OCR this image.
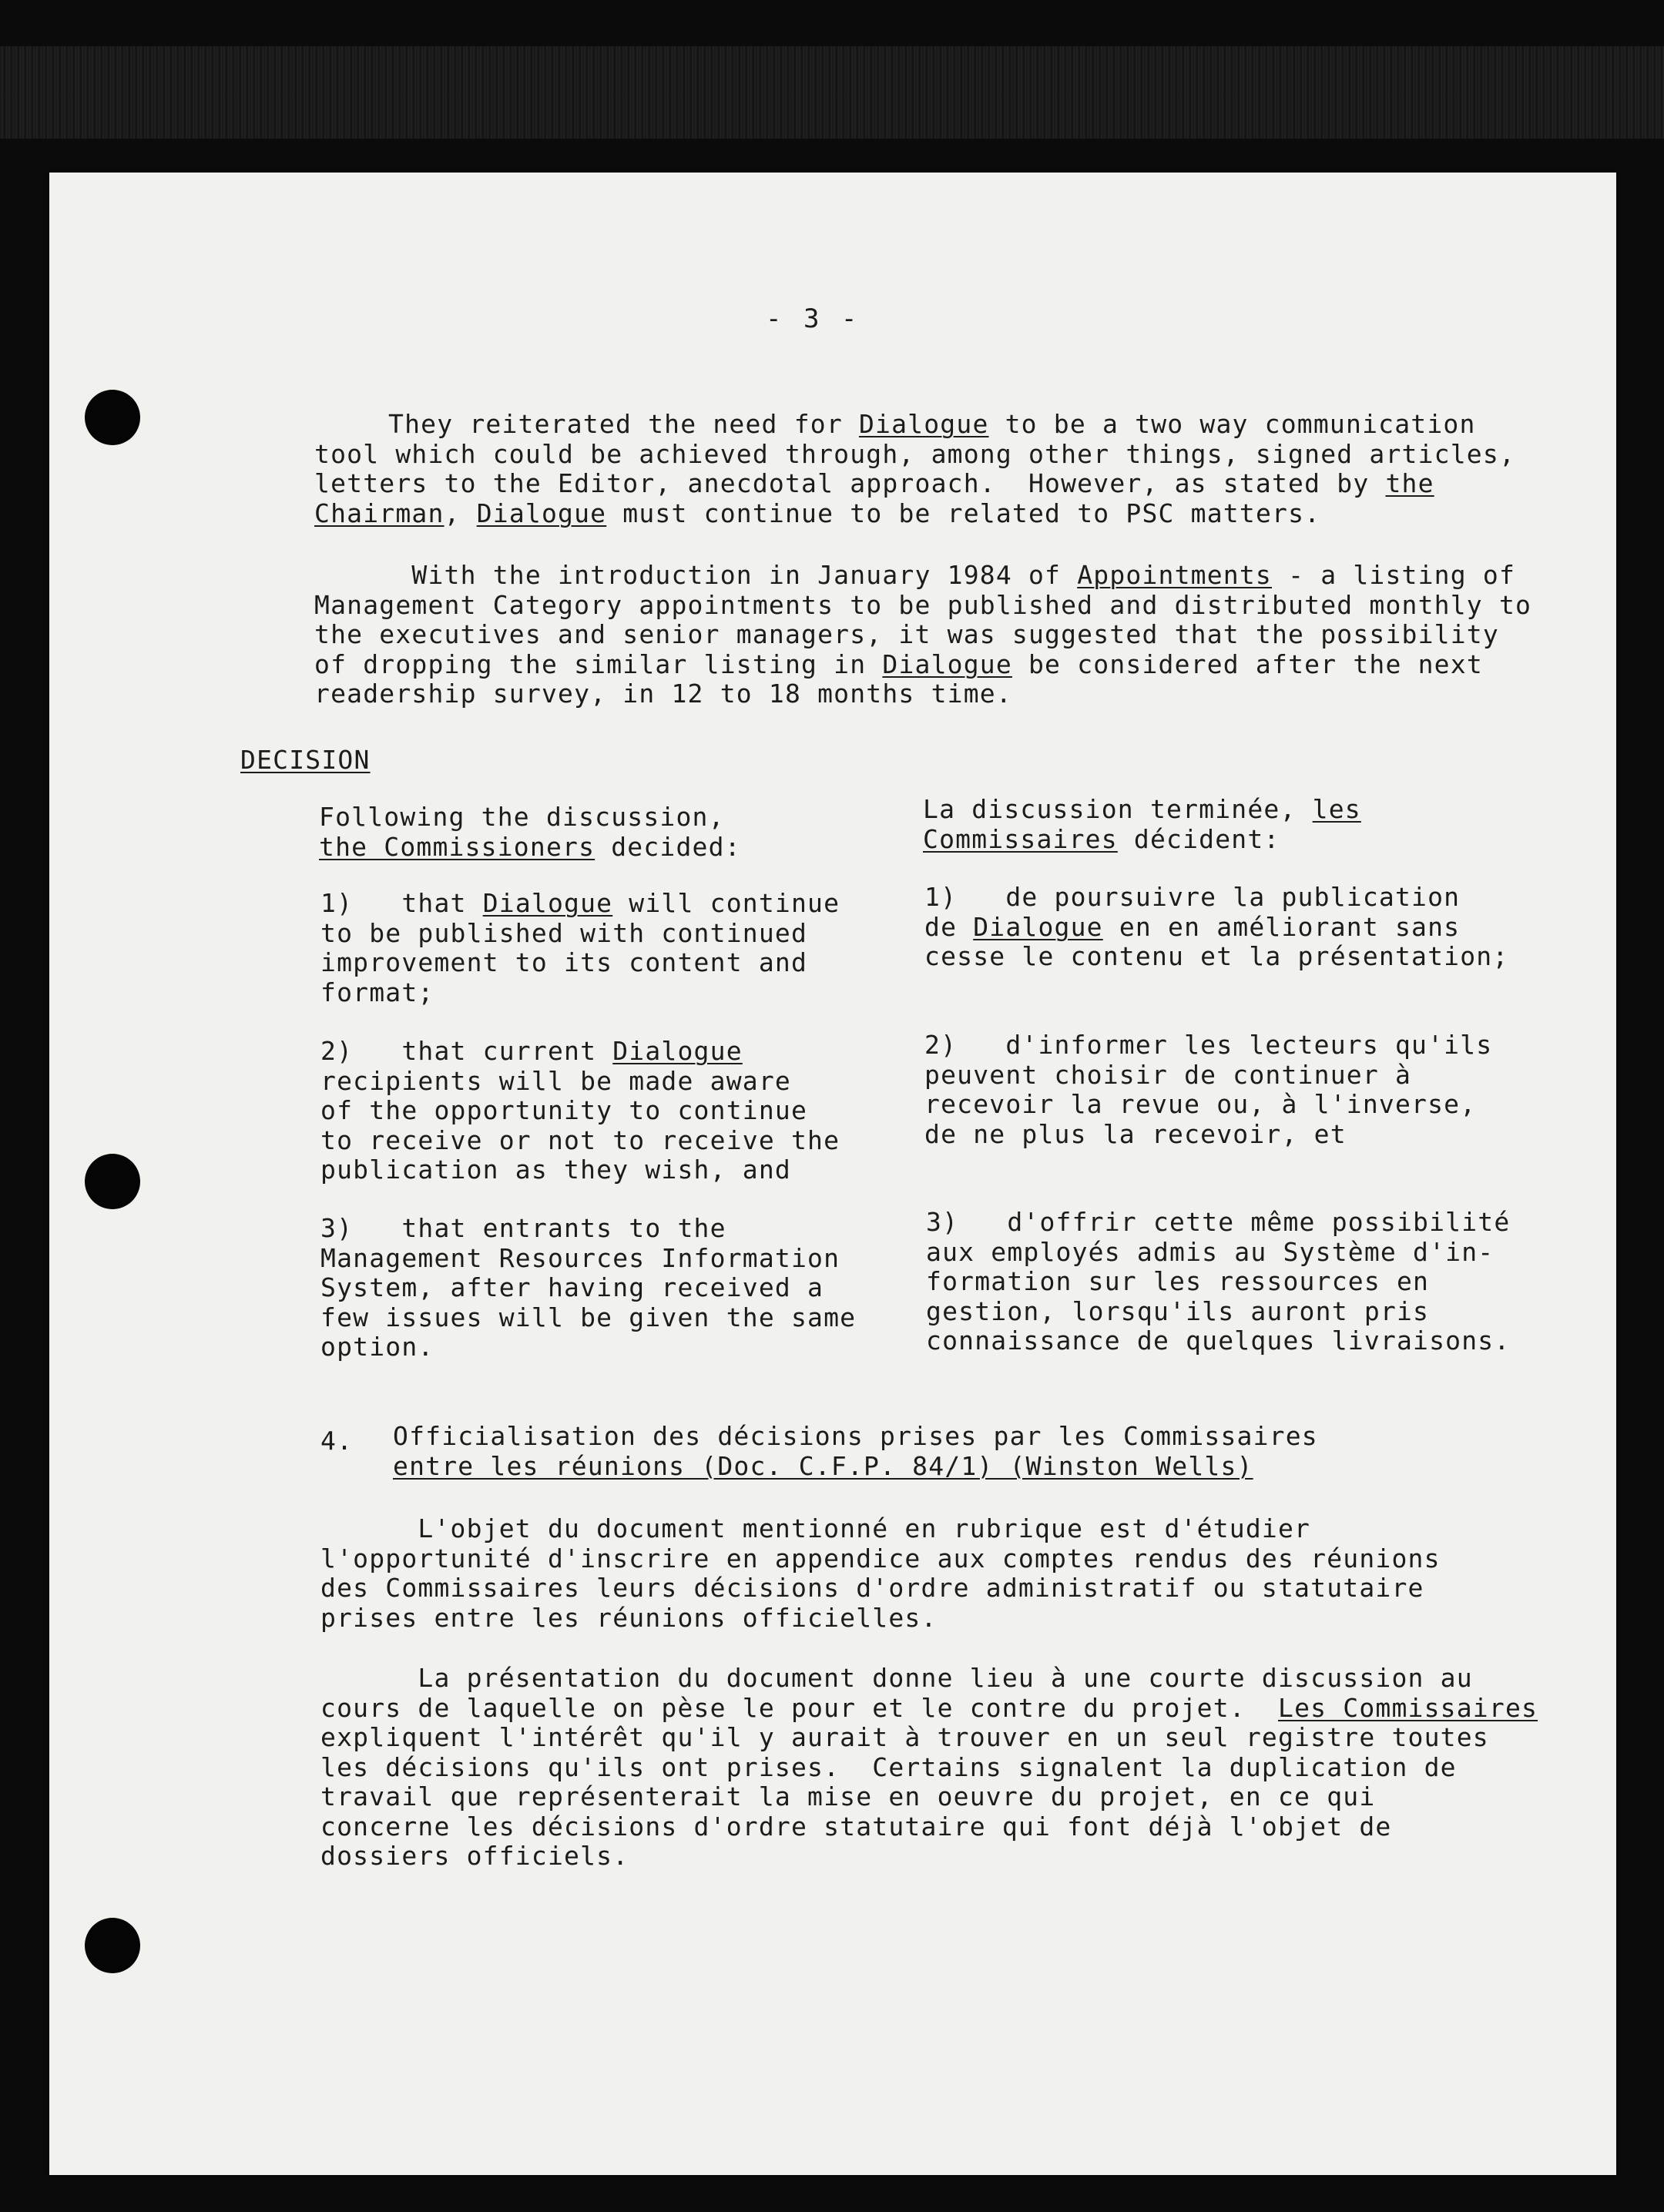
- 3 -

They reiterated the need for Dialogue to be a two way communication
tool which could be achieved through, among other things, signed articles,
letters to the Editor, anecdotal approach.  However, as stated by the
Chairman, Dialogue must continue to be related to PSC matters.

With the introduction in January 1984 of Appointments - a listing of
Management Category appointments to be published and distributed monthly to
the executives and senior managers, it was suggested that the possibility
of dropping the similar listing in Dialogue be considered after the next
readership survey, in 12 to 18 months time.

DECISION

Following the discussion,
the Commissioners decided:

1)   that Dialogue will continue
to be published with continued
improvement to its content and
format;

2)   that current Dialogue
recipients will be made aware
of the opportunity to continue
to receive or not to receive the
publication as they wish, and

3)   that entrants to the
Management Resources Information
System, after having received a
few issues will be given the same
option.

La discussion terminée, les
Commissaires décident:

1)   de poursuivre la publication
de Dialogue en en améliorant sans
cesse le contenu et la présentation;

2)   d'informer les lecteurs qu'ils
peuvent choisir de continuer à
recevoir la revue ou, à l'inverse,
de ne plus la recevoir, et

3)   d'offrir cette même possibilité
aux employés admis au Système d'in-
formation sur les ressources en
gestion, lorsqu'ils auront pris
connaissance de quelques livraisons.

4. Officialisation des décisions prises par les Commissaires
entre les réunions (Doc. C.F.P. 84/1) (Winston Wells)

L'objet du document mentionné en rubrique est d'étudier
l'opportunité d'inscrire en appendice aux comptes rendus des réunions
des Commissaires leurs décisions d'ordre administratif ou statutaire
prises entre les réunions officielles.

La présentation du document donne lieu à une courte discussion au
cours de laquelle on pèse le pour et le contre du projet.  Les Commissaires
expliquent l'intérêt qu'il y aurait à trouver en un seul registre toutes
les décisions qu'ils ont prises.  Certains signalent la duplication de
travail que représenterait la mise en oeuvre du projet, en ce qui
concerne les décisions d'ordre statutaire qui font déjà l'objet de
dossiers officiels.
